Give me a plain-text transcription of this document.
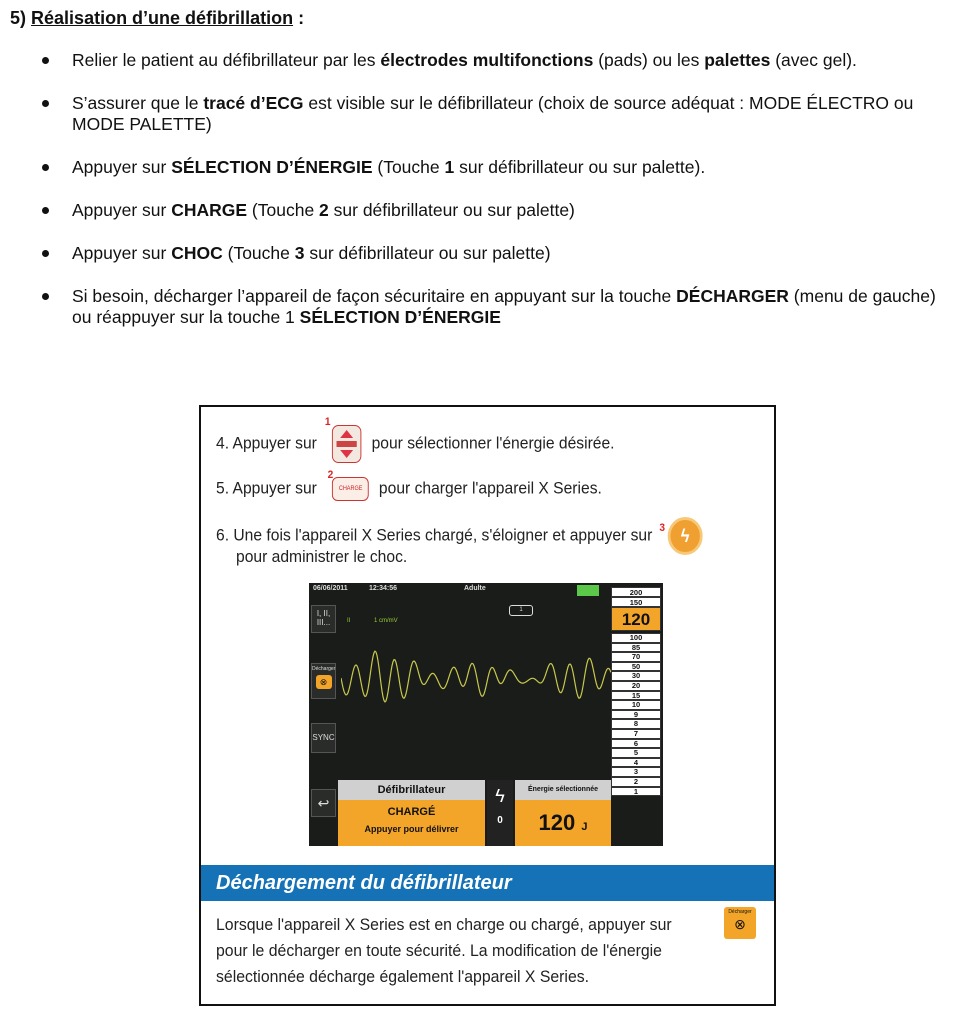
5) Réalisation d’une défibrillation :
Relier le patient au défibrillateur par les électrodes multifonctions (pads) ou les palettes (avec gel).
S’assurer que le tracé d’ECG est visible sur le défibrillateur (choix de source adéquat : MODE ÉLECTRO ou MODE PALETTE)
Appuyer sur SÉLECTION D’ÉNERGIE (Touche 1 sur défibrillateur ou sur palette).
Appuyer sur CHARGE (Touche 2 sur défibrillateur ou sur palette)
Appuyer sur CHOC (Touche 3 sur défibrillateur ou sur palette)
Si besoin, décharger l’appareil de façon sécuritaire en appuyant sur la touche DÉCHARGER (menu de gauche) ou réappuyer sur la touche 1 SÉLECTION D’ÉNERGIE
4. Appuyer sur
1
pour sélectionner l'énergie désirée.
5. Appuyer sur	CHARGE
2
pour charger l'appareil X Series.
6. Une fois l'appareil X Series chargé, s'éloigner et appuyer sur ϟ
3
pour administrer le choc.
06/06/2011	12:34:56	Adulte
I, II, III...	II	1 cm/mV
1
Décharger
⊗
SYNC
↩
200
150
120
100
85
70
50
30
20
15
10
9
8
7
6
5
4
3
2
1
Défibrillateur
CHARGÉ
Appuyer pour délivrer
ϟ
0
Énergie sélectionnée
120 J
Déchargement du défibrillateur
Lorsque l'appareil X Series est en charge ou chargé, appuyer sur
pour le décharger en toute sécurité. La modification de l'énergie
sélectionnée décharge également l'appareil X Series.
Décharger
⊗
